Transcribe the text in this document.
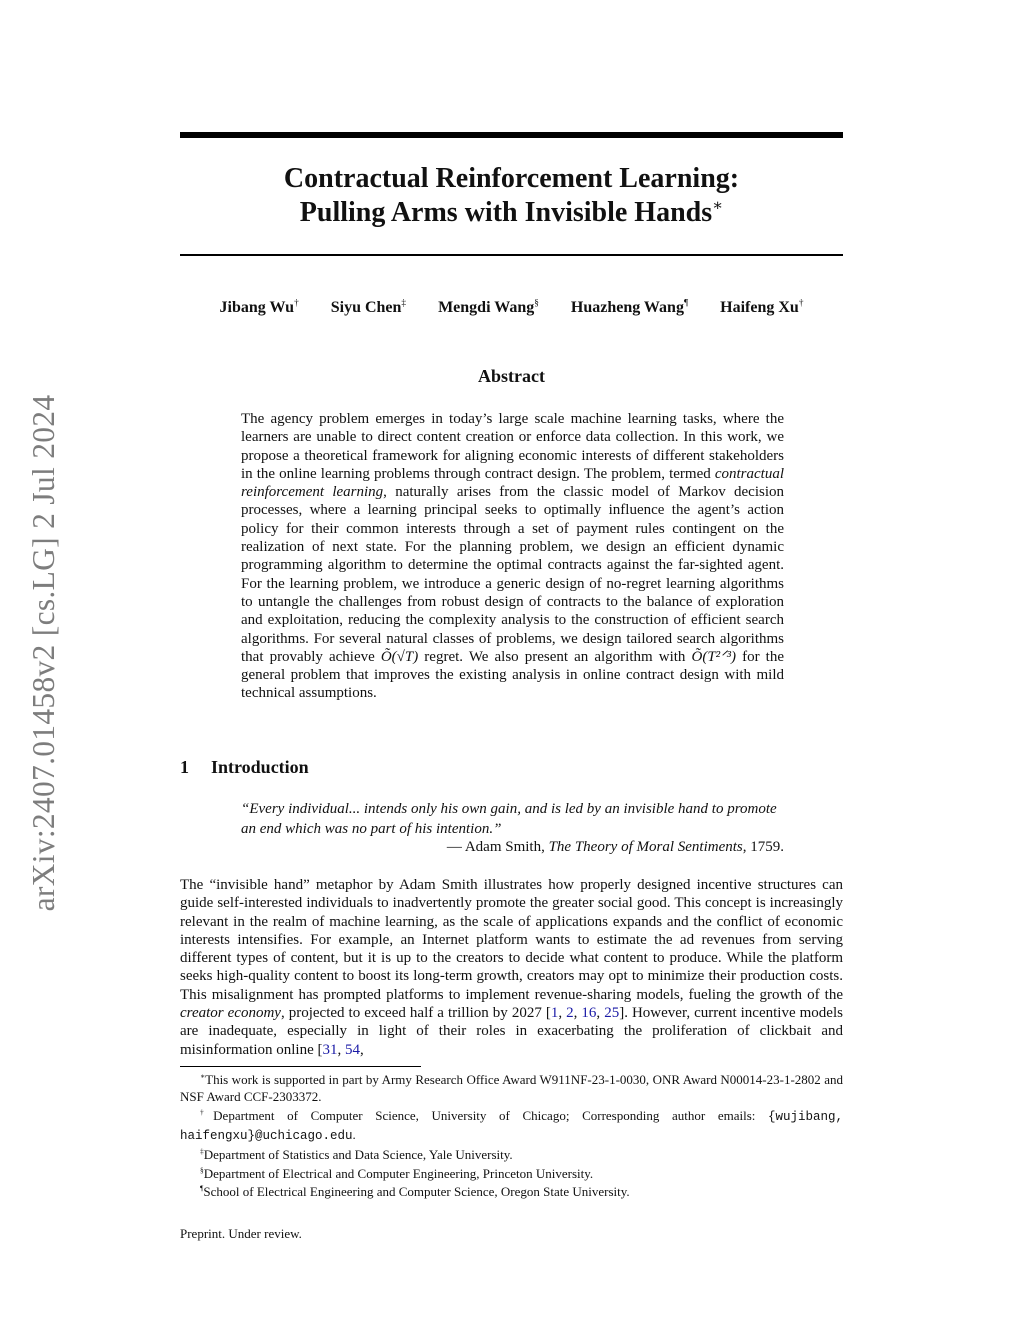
arXiv:2407.01458v2 [cs.LG] 2 Jul 2024
Contractual Reinforcement Learning:
Pulling Arms with Invisible Hands∗
Jibang Wu† Siyu Chen‡ Mengdi Wang§ Huazheng Wang¶ Haifeng Xu†
Abstract

The agency problem emerges in today’s large scale machine learning tasks, where the learners are unable to direct content creation or enforce data collection. In this work, we propose a theoretical framework for aligning economic interests of different stakeholders in the online learning problems through contract design. The problem, termed contractual reinforcement learning, naturally arises from the classic model of Markov decision processes, where a learning principal seeks to optimally influence the agent’s action policy for their common interests through a set of payment rules contingent on the realization of next state. For the planning problem, we design an efficient dynamic programming algorithm to determine the optimal contracts against the far-sighted agent. For the learning problem, we introduce a generic design of no-regret learning algorithms to untangle the challenges from robust design of contracts to the balance of exploration and exploitation, reducing the complexity analysis to the construction of efficient search algorithms. For several natural classes of problems, we design tailored search algorithms that provably achieve Õ(√T) regret. We also present an algorithm with Õ(T²ᐟ³) for the general problem that improves the existing analysis in online contract design with mild technical assumptions.

1 Introduction
“Every individual... intends only his own gain, and is led by an invisible hand to promote an end which was no part of his intention.”
— Adam Smith, The Theory of Moral Sentiments, 1759.

The “invisible hand” metaphor by Adam Smith illustrates how properly designed incentive structures can guide self-interested individuals to inadvertently promote the greater social good. This concept is increasingly relevant in the realm of machine learning, as the scale of applications expands and the conflict of economic interests intensifies. For example, an Internet platform wants to estimate the ad revenues from serving different types of content, but it is up to the creators to decide what content to produce. While the platform seeks high-quality content to boost its long-term growth, creators may opt to minimize their production costs. This misalignment has prompted platforms to implement revenue-sharing models, fueling the growth of the creator economy, projected to exceed half a trillion by 2027 [1, 2, 16, 25]. However, current incentive models are inadequate, especially in light of their roles in exacerbating the proliferation of clickbait and misinformation online [31, 54,

∗This work is supported in part by Army Research Office Award W911NF-23-1-0030, ONR Award N00014-23-1-2802 and NSF Award CCF-2303372.

†Department of Computer Science, University of Chicago; Corresponding author emails: {wujibang, haifengxu}@uchicago.edu.

‡Department of Statistics and Data Science, Yale University.

§Department of Electrical and Computer Engineering, Princeton University.

¶School of Electrical Engineering and Computer Science, Oregon State University.

Preprint. Under review.
